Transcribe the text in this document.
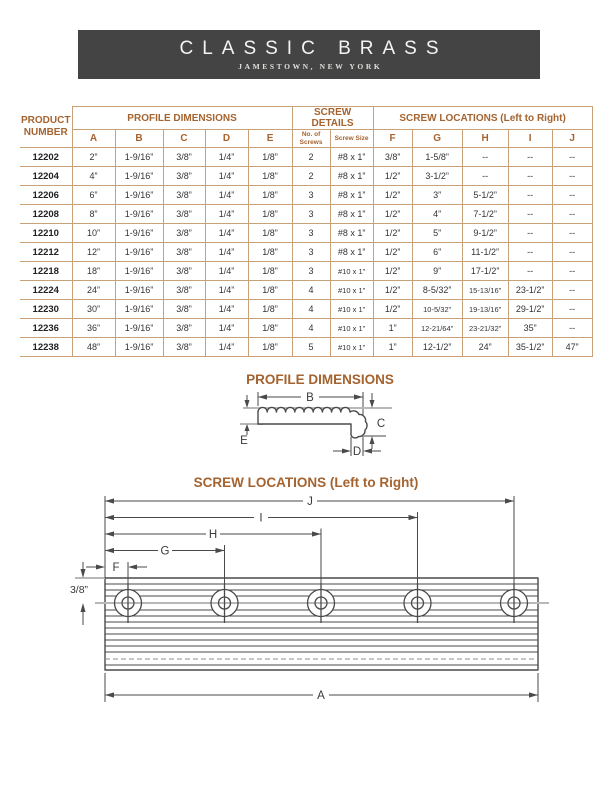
CLASSIC BRASS
JAMESTOWN, NEW YORK
PRODUCT NUMBER	PROFILE DIMENSIONS					SCREW DETAILS		SCREW LOCATIONS (Left to Right)				
	A	B	C	D	E	No. of Screws	Screw Size	F	G	H	I	J
12202	2”	1-9/16”	3/8”	1/4”	1/8”	2	#8 x 1”	3/8”	1-5/8”	--	--	--
12204	4”	1-9/16”	3/8”	1/4”	1/8”	2	#8 x 1”	1/2”	3-1/2”	--	--	--
12206	6”	1-9/16”	3/8”	1/4”	1/8”	3	#8 x 1”	1/2”	3”	5-1/2”	--	--
12208	8”	1-9/16”	3/8”	1/4”	1/8”	3	#8 x 1”	1/2”	4”	7-1/2”	--	--
12210	10”	1-9/16”	3/8”	1/4”	1/8”	3	#8 x 1”	1/2”	5”	9-1/2”	--	--
12212	12”	1-9/16”	3/8”	1/4”	1/8”	3	#8 x 1”	1/2”	6”	11-1/2”	--	--
12218	18”	1-9/16”	3/8”	1/4”	1/8”	3	#10 x 1”	1/2”	9”	17-1/2”	--	--
12224	24”	1-9/16”	3/8”	1/4”	1/8”	4	#10 x 1”	1/2”	8-5/32”	15-13/16”	23-1/2”	--
12230	30”	1-9/16”	3/8”	1/4”	1/8”	4	#10 x 1”	1/2”	10-5/32”	19-13/16”	29-1/2”	--
12236	36”	1-9/16”	3/8”	1/4”	1/8”	4	#10 x 1”	1”	12-21/64”	23-21/32”	35”	--
12238	48”	1-9/16”	3/8”	1/4”	1/8”	5	#10 x 1”	1”	12-1/2”	24”	35-1/2”	47”
PROFILE DIMENSIONS
B
E
C
D
SCREW LOCATIONS (Left to Right)
J
I
H
G
F
3/8”
A
